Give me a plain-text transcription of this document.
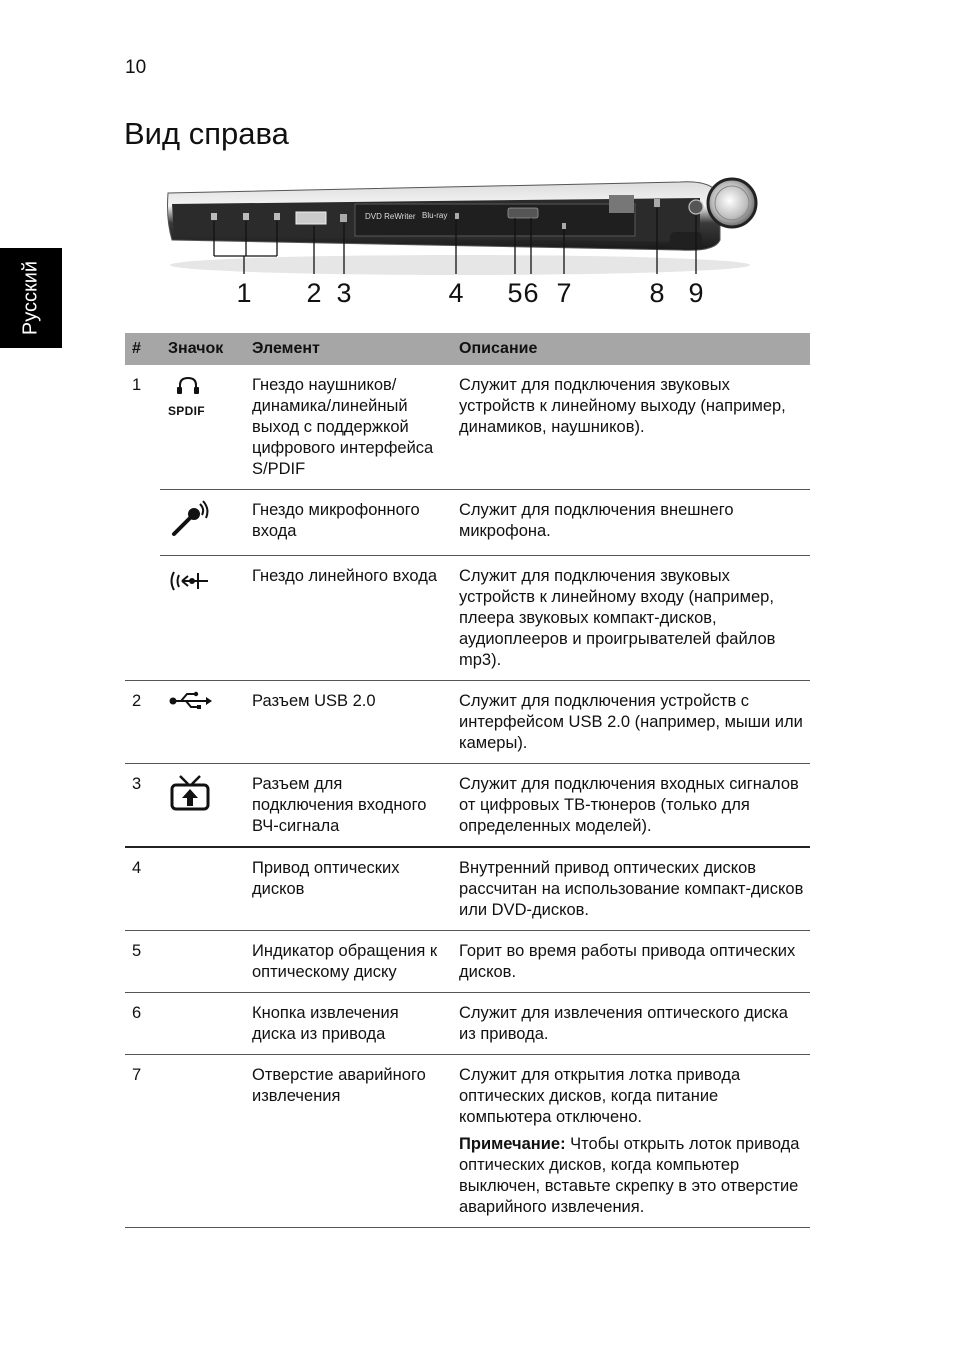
10
Вид справа
Русский
DVD ReWriter Blu-ray
1 2 3	4 5 6 7	8 9
#	Значок	Элемент	Описание
1	SPDIF	Гнездо наушников/ динамика/линейный выход с поддержкой цифрового интерфейса S/PDIF	Служит для подключения звуковых устройств к линейному выходу (например, динамиков, наушников).
		Гнездо микрофонного входа	Служит для подключения внешнего микрофона.
		Гнездо линейного входа	Служит для подключения звуковых устройств к линейному входу (например, плеера звуковых компакт-дисков, аудиоплееров и проигрывателей файлов mp3).
2		Разъем USB 2.0	Служит для подключения устройств с интерфейсом USB 2.0 (например, мыши или камеры).
3		Разъем для подключения входного ВЧ-сигнала	Служит для подключения входных сигналов от цифровых ТВ-тюнеров (только для определенных моделей).
4		Привод оптических дисков	Внутренний привод оптических дисков рассчитан на использование компакт-дисков или DVD-дисков.
5		Индикатор обращения к оптическому диску	Горит во время работы привода оптических дисков.
6		Кнопка извлечения диска из привода	Служит для извлечения оптического диска из привода.
7		Отверстие аварийного извлечения	Служит для открытия лотка привода оптических дисков, когда питание компьютера отключено.
Примечание: Чтобы открыть лоток привода оптических дисков, когда компьютер выключен, вставьте скрепку в это отверстие аварийного извлечения.
